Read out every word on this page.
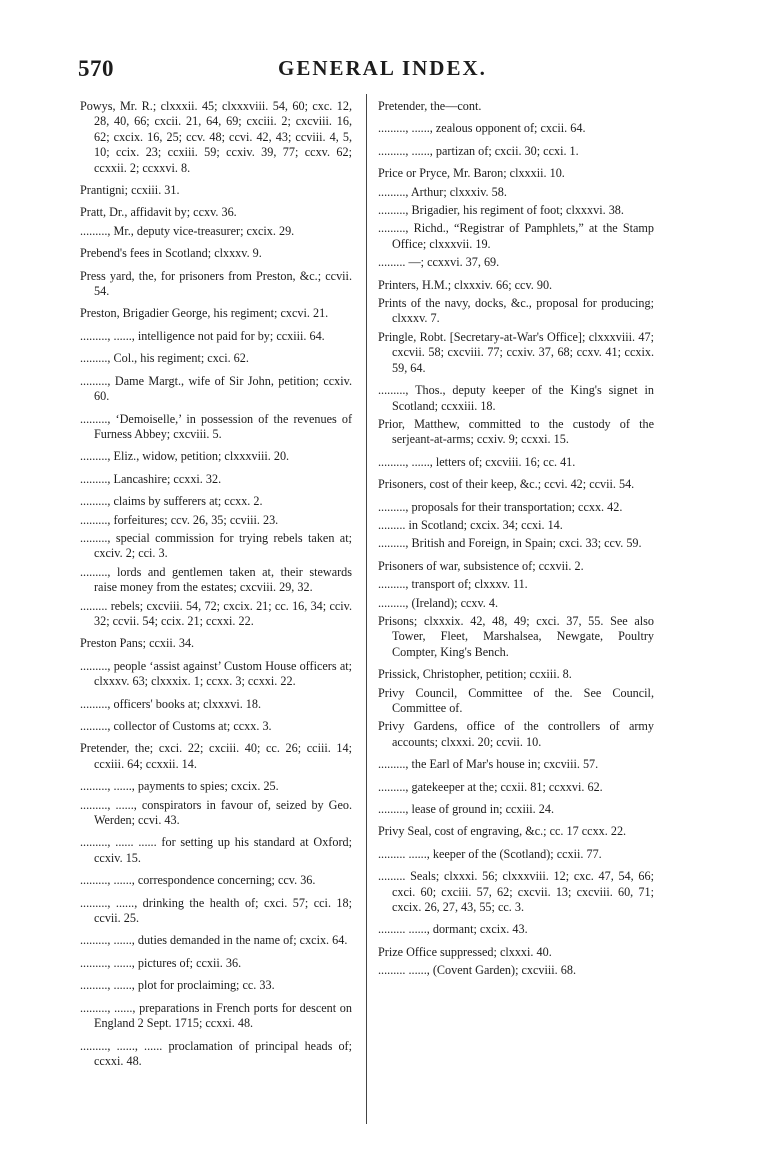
570	GENERAL INDEX.

Powys, Mr. R.; clxxxii. 45; clxxxviii. 54, 60; cxc. 12, 28, 40, 66; cxcii. 21, 64, 69; cxciii. 2; cxcviii. 16, 62; cxcix. 16, 25; ccv. 48; ccvi. 42, 43; ccviii. 4, 5, 10; ccix. 23; ccxiii. 59; ccxiv. 39, 77; ccxv. 62; ccxxii. 2; ccxxvi. 8.

Prantigni; ccxiii. 31.

Pratt, Dr., affidavit by; ccxv. 36.

........., Mr., deputy vice-treasurer; cxcix. 29.

Prebend's fees in Scotland; clxxxv. 9.

Press yard, the, for prisoners from Preston, &c.; ccvii. 54.

Preston, Brigadier George, his regiment; cxcvi. 21.

........., ......, intelligence not paid for by; ccxiii. 64.

........., Col., his regiment; cxci. 62.

........., Dame Margt., wife of Sir John, petition; ccxiv. 60.

........., ‘Demoiselle,’ in possession of the revenues of Furness Abbey; cxcviii. 5.

........., Eliz., widow, petition; clxxxviii. 20.

........., Lancashire; ccxxi. 32.

........., claims by sufferers at; ccxx. 2.

........., forfeitures; ccv. 26, 35; ccviii. 23.

........., special commission for trying rebels taken at; cxciv. 2; cci. 3.

........., lords and gentlemen taken at, their stewards raise money from the estates; cxcviii. 29, 32.

......... rebels; cxcviii. 54, 72; cxcix. 21; cc. 16, 34; cciv. 32; ccvii. 54; ccix. 21; ccxxi. 22.

Preston Pans; ccxii. 34.

........., people ‘assist against’ Custom House officers at; clxxxv. 63; clxxxix. 1; ccxx. 3; ccxxi. 22.

........., officers' books at; clxxxvi. 18.

........., collector of Customs at; ccxx. 3.

Pretender, the; cxci. 22; cxciii. 40; cc. 26; cciii. 14; ccxiii. 64; ccxxii. 14.

........., ......, payments to spies; cxcix. 25.

........., ......, conspirators in favour of, seized by Geo. Werden; ccvi. 43.

........., ...... ...... for setting up his standard at Oxford; ccxiv. 15.

........., ......, correspondence concerning; ccv. 36.

........., ......, drinking the health of; cxci. 57; cci. 18; ccvii. 25.

........., ......, duties demanded in the name of; cxcix. 64.

........., ......, pictures of; ccxii. 36.

........., ......, plot for proclaiming; cc. 33.

........., ......, preparations in French ports for descent on England 2 Sept. 1715; ccxxi. 48.

........., ......, ...... proclamation of principal heads of; ccxxi. 48.

Pretender, the—cont.

........., ......, zealous opponent of; cxcii. 64.

........., ......, partizan of; cxcii. 30; ccxi. 1.

Price or Pryce, Mr. Baron; clxxxii. 10.

........., Arthur; clxxxiv. 58.

........., Brigadier, his regiment of foot; clxxxvi. 38.

........., Richd., “Registrar of Pamphlets,” at the Stamp Office; clxxxvii. 19.

......... —; ccxxvi. 37, 69.

Printers, H.M.; clxxxiv. 66; ccv. 90.

Prints of the navy, docks, &c., proposal for producing; clxxxv. 7.

Pringle, Robt. [Secretary-at-War's Office]; clxxxviii. 47; cxcvii. 58; cxcviii. 77; ccxiv. 37, 68; ccxv. 41; ccxix. 59, 64.

........., Thos., deputy keeper of the King's signet in Scotland; ccxxiii. 18.

Prior, Matthew, committed to the custody of the serjeant-at-arms; ccxiv. 9; ccxxi. 15.

........., ......, letters of; cxcviii. 16; cc. 41.

Prisoners, cost of their keep, &c.; ccvi. 42; ccvii. 54.

........., proposals for their transportation; ccxx. 42.

......... in Scotland; cxcix. 34; ccxi. 14.

........., British and Foreign, in Spain; cxci. 33; ccv. 59.

Prisoners of war, subsistence of; ccxvii. 2.

........., transport of; clxxxv. 11.

........., (Ireland); ccxv. 4.

Prisons; clxxxix. 42, 48, 49; cxci. 37, 55. See also Tower, Fleet, Marshalsea, Newgate, Poultry Compter, King's Bench.

Prissick, Christopher, petition; ccxiii. 8.

Privy Council, Committee of the. See Council, Committee of.

Privy Gardens, office of the controllers of army accounts; clxxxi. 20; ccvii. 10.

........., the Earl of Mar's house in; cxcviii. 57.

........., gatekeeper at the; ccxii. 81; ccxxvi. 62.

........., lease of ground in; ccxiii. 24.

Privy Seal, cost of engraving, &c.; cc. 17 ccxx. 22.

......... ......, keeper of the (Scotland); ccxii. 77.

......... Seals; clxxxi. 56; clxxxviii. 12; cxc. 47, 54, 66; cxci. 60; cxciii. 57, 62; cxcvii. 13; cxcviii. 60, 71; cxcix. 26, 27, 43, 55; cc. 3.

......... ......, dormant; cxcix. 43.

Prize Office suppressed; clxxxi. 40.

......... ......, (Covent Garden); cxcviii. 68.
